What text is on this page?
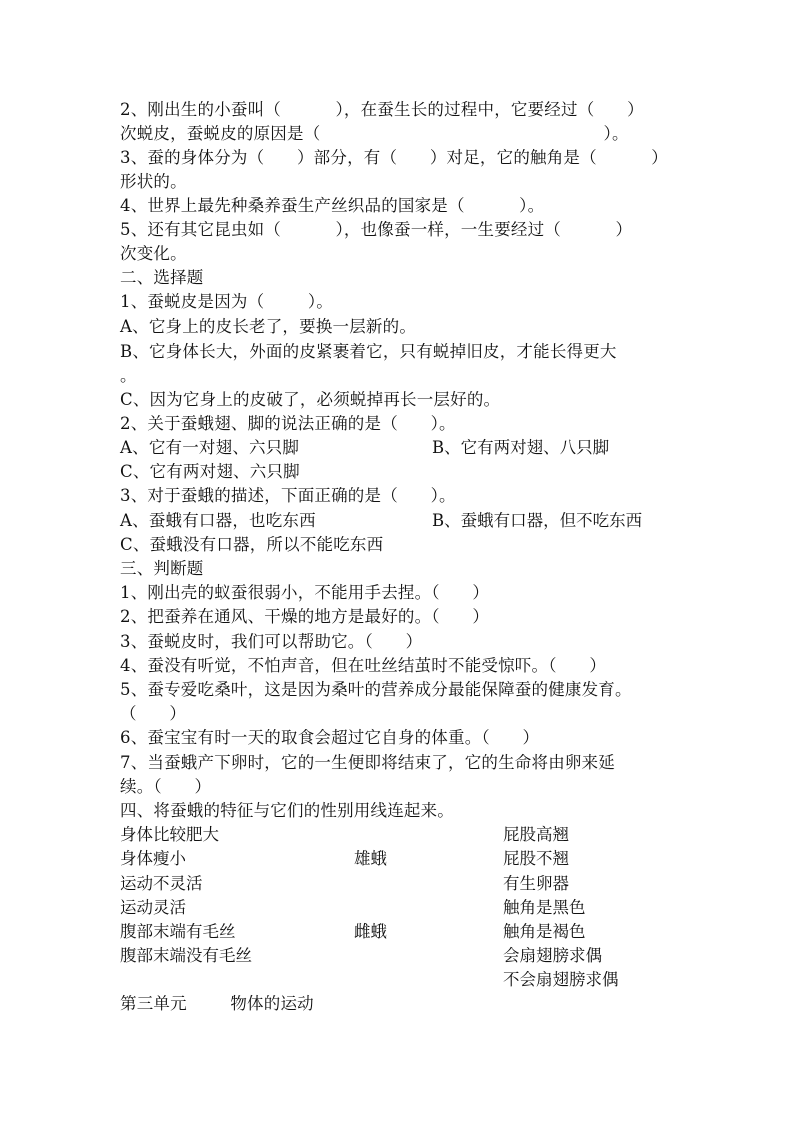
2、刚出生的小蚕叫（          ），在蚕生长的过程中，它要经过（      ）
次蜕皮，蚕蜕皮的原因是（                                                    ）。
3、蚕的身体分为（      ）部分，有（      ）对足，它的触角是（          ）
形状的。
4、世界上最先种桑养蚕生产丝织品的国家是（          ）。
5、还有其它昆虫如（          ），也像蚕一样，一生要经过（          ）
次变化。
二、选择题
1、蚕蜕皮是因为（        ）。
A、它身上的皮长老了，要换一层新的。
B、它身体长大，外面的皮紧裹着它，只有蜕掉旧皮，才能长得更大
。
C、因为它身上的皮破了，必须蜕掉再长一层好的。
2、关于蚕蛾翅、脚的说法正确的是（      ）。
A、它有一对翅、六只脚	B、它有两对翅、八只脚
C、它有两对翅、六只脚
3、对于蚕蛾的描述，下面正确的是（      ）。
A、蚕蛾有口器，也吃东西	B、蚕蛾有口器，但不吃东西
C、蚕蛾没有口器，所以不能吃东西
三、判断题
1、刚出壳的蚁蚕很弱小，不能用手去捏。（      ）
2、把蚕养在通风、干燥的地方是最好的。（      ）
3、蚕蜕皮时，我们可以帮助它。（      ）
4、蚕没有听觉，不怕声音，但在吐丝结茧时不能受惊吓。（      ）
5、蚕专爱吃桑叶，这是因为桑叶的营养成分最能保障蚕的健康发育。
（      ）
6、蚕宝宝有时一天的取食会超过它自身的体重。（      ）
7、当蚕蛾产下卵时，它的一生便即将结束了，它的生命将由卵来延
续。（      ）
四、将蚕蛾的特征与它们的性别用线连起来。
身体比较肥大
身体瘦小
运动不灵活
运动灵活
腹部末端有毛丝
腹部末端没有毛丝
雄蛾
雌蛾
屁股高翘
屁股不翘
有生卵器
触角是黑色
触角是褐色
会扇翅膀求偶
不会扇翅膀求偶
第三单元        物体的运动
